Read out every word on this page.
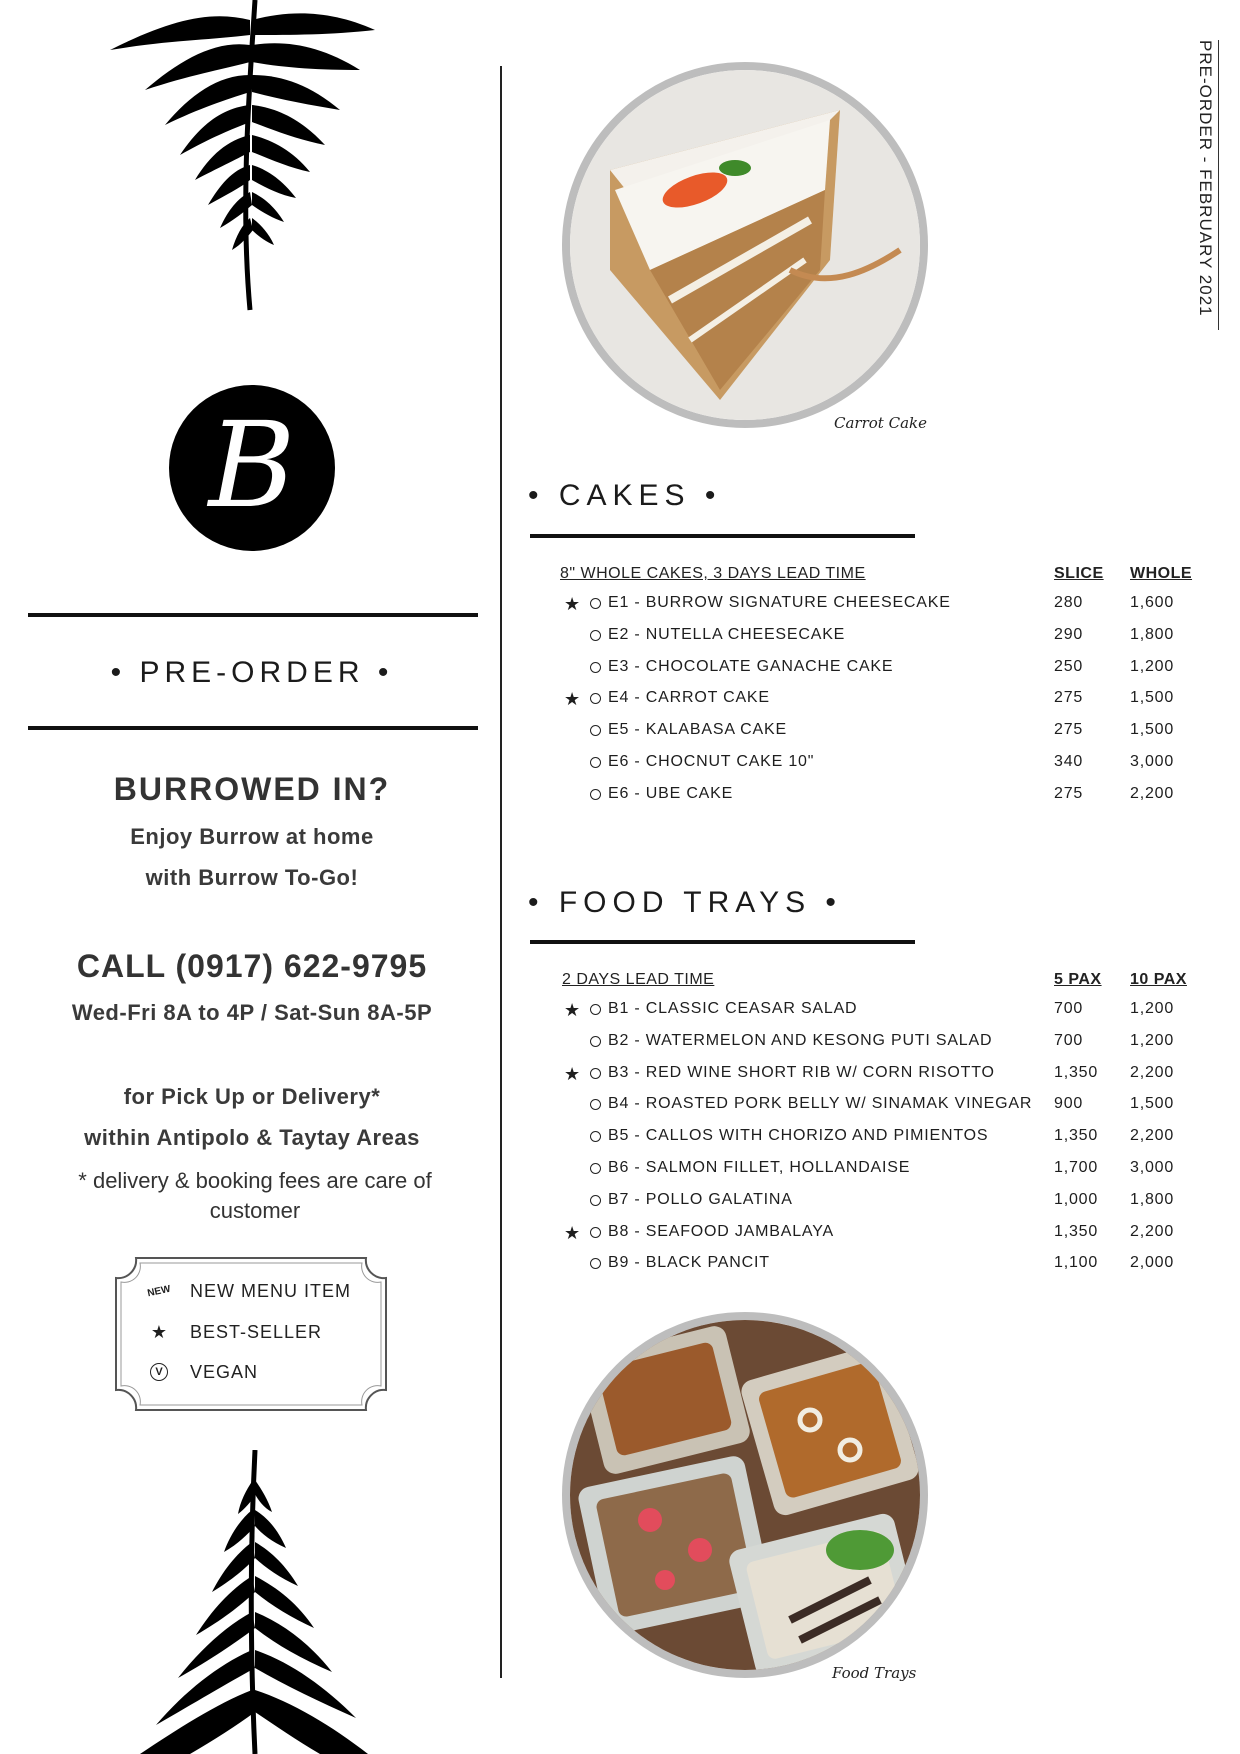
PRE-ORDER - FEBRUARY 2021
B
• PRE-ORDER •
BURROWED IN?
Enjoy Burrow at home
with Burrow To-Go!
CALL (0917) 622-9795
Wed-Fri 8A to 4P / Sat-Sun 8A-5P
for Pick Up or Delivery*
within Antipolo & Taytay Areas
* delivery & booking fees are care of customer
NEW	NEW MENU ITEM
★	BEST-SELLER
V VEGAN
Carrot Cake
• CAKES •
8" WHOLE CAKES, 3 DAYS LEAD TIME	SLICE WHOLE
★ E1 - BURROW SIGNATURE CHEESECAKE	280	1,600
E2 - NUTELLA CHEESECAKE	290	1,800
E3 - CHOCOLATE GANACHE CAKE	250	1,200
★ E4 - CARROT CAKE	275	1,500
E5 - KALABASA CAKE	275	1,500
E6 - CHOCNUT CAKE 10"	340	3,000
E6 - UBE CAKE	275	2,200
• FOOD TRAYS •
2 DAYS LEAD TIME	5 PAX 10 PAX
★ B1 - CLASSIC CEASAR SALAD	700	1,200
B2 - WATERMELON AND KESONG PUTI SALAD	700	1,200
★ B3 - RED WINE SHORT RIB W/ CORN RISOTTO	1,350 2,200
B4 - ROASTED PORK BELLY W/ SINAMAK VINEGAR 900	1,500
B5 - CALLOS WITH CHORIZO AND PIMIENTOS	1,350 2,200
B6 - SALMON FILLET, HOLLANDAISE	1,700 3,000
B7 - POLLO GALATINA	1,000 1,800
★ B8 - SEAFOOD JAMBALAYA	1,350 2,200
B9 - BLACK PANCIT	1,100 2,000
Food Trays
